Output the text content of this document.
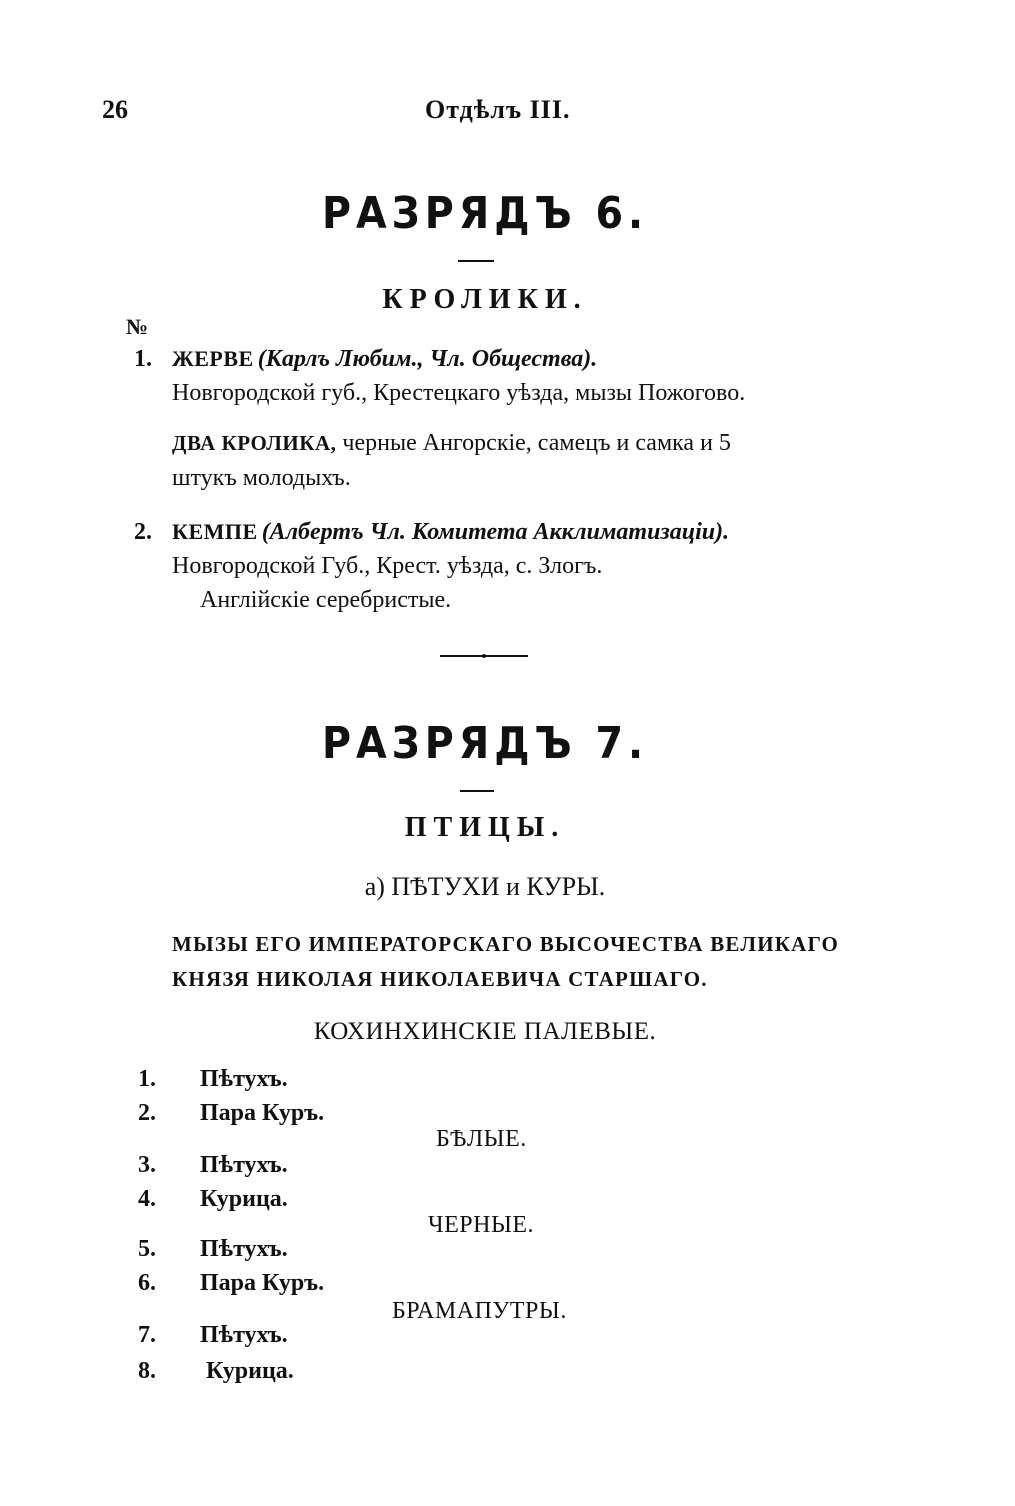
26	Отдѣлъ III.
РАЗРЯДЪ 6.
КРОЛИКИ.
№
1. ЖЕРВЕ (Карлъ Любим., Чл. Общества).
Новгородской губ., Крестецкаго уѣзда, мызы Пожогово.
ДВА КРОЛИКА, черные Ангорскіе, самецъ и самка и 5
штукъ молодыхъ.
2. КЕМПЕ (Албертъ Чл. Комитета Акклиматизаціи).
Новгородской Губ., Крест. уѣзда, с. Злогъ.
Англійскіе серебристые.
РАЗРЯДЪ 7.
ПТИЦЫ.
а) ПѢТУХИ и КУРЫ.
МЫЗЫ ЕГО ИМПЕРАТОРСКАГО ВЫСОЧЕСТВА ВЕЛИКАГО
КНЯЗЯ НИКОЛАЯ НИКОЛАЕВИЧА СТАРШАГО.
КОХИНХИНСКІЕ ПАЛЕВЫЕ.
1. Пѣтухъ.
2. Пара Куръ.
БѢЛЫЕ.
3. Пѣтухъ.
4. Курица.
ЧЕРНЫЕ.
5. Пѣтухъ.
6. Пара Куръ.
БРАМАПУТРЫ.
7. Пѣтухъ.
8. Курица.
